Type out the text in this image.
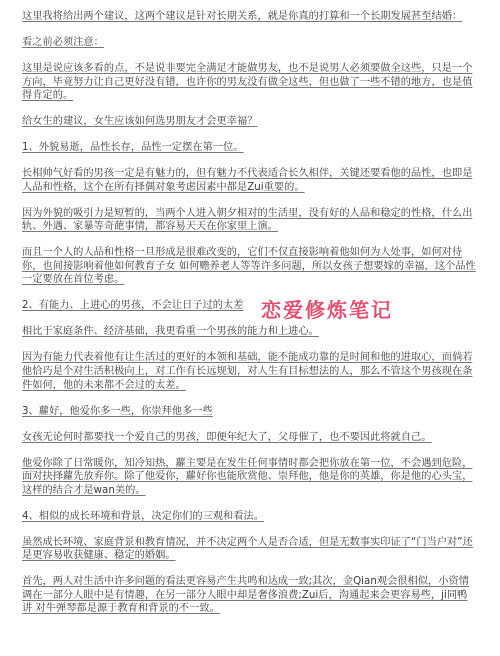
这里我将给出两个建议，这两个建议是针对长期关系，就是你真的打算和一个长期发展甚至结婚：

看之前必须注意：

这里是说应该多看的点，不是说非要完全满足才能做男友，也不是说男人必须要做全这些，只是一个方向，毕竟努力让自己更好没有错，也许你的男友没有做全这些，但也做了一些不错的地方，也是值得肯定的。

给女生的建议，女生应该如何选男朋友才会更幸福？

1、外貌易逝，品性长存，品性一定摆在第一位。

长相帅气好看的男孩一定是有魅力的，但有魅力不代表适合长久相伴，关键还要看他的品性，也即是人品和性格，这个在所有择偶对象考虑因素中都是Zui重要的。

因为外貌的吸引力是短暂的，当两个人进入朝夕相对的生活里，没有好的人品和稳定的性格，什么出轨、外遇、家暴等奇葩事情，都容易天天在你家里上演。

而且一个人的人品和性格一旦形成是很难改变的，它们不仅直接影响着他如何为人处事，如何对待你，也间接影响着他如何教育子女 如何赡养老人等等许多问题，所以女孩子想要嫁的幸福，这个品性一定要放在首位考虑。

2、有能力、上进心的男孩，不会让日子过的太差

相比于家庭条件、经济基础，我更看重一个男孩的能力和上进心。

因为有能力代表着他有让生活过的更好的本领和基础，能不能成功靠的是时间和他的进取心，而倘若他恰巧是个对生活积极向上，对工作有长远规划，对人生有目标想法的人，那么不管这个男孩现在条件如何，他的未来都不会过的太差。

3、蘿好，他爱你多一些，你崇拜他多一些

女孩无论何时都要找一个爱自己的男孩，即便年纪大了，父母催了，也不要因此将就自己。

他爱你除了日常暖你，知冷知热，蘿主要是在发生任何事情时都会把你放在第一位，不会遇到危险，面对抉择蘿先放弃你。除了他爱你，蘿好你也能欣赏他、崇拜他，他是你的英雄，你是他的心头宝，这样的结合才是wan美的。

4、相似的成长环境和背景，决定你们的三观和看法。

虽然成长环境、家庭背景和教育情况，并不决定两个人是否合适，但是无数事实印证了“门当户对”还是更容易收获健康、稳定的婚姻。

首先，两人对生活中许多问题的看法更容易产生共鸣和达成一致;其次，金Qian观会很相似，小资情调在一部分人眼中是有情趣，在另一部分人眼中却是奢侈浪费;Zui后，沟通起来会更容易些，ji同鸭讲 对牛弹琴都是源于教育和背景的不一致。

恋爱修炼笔记
